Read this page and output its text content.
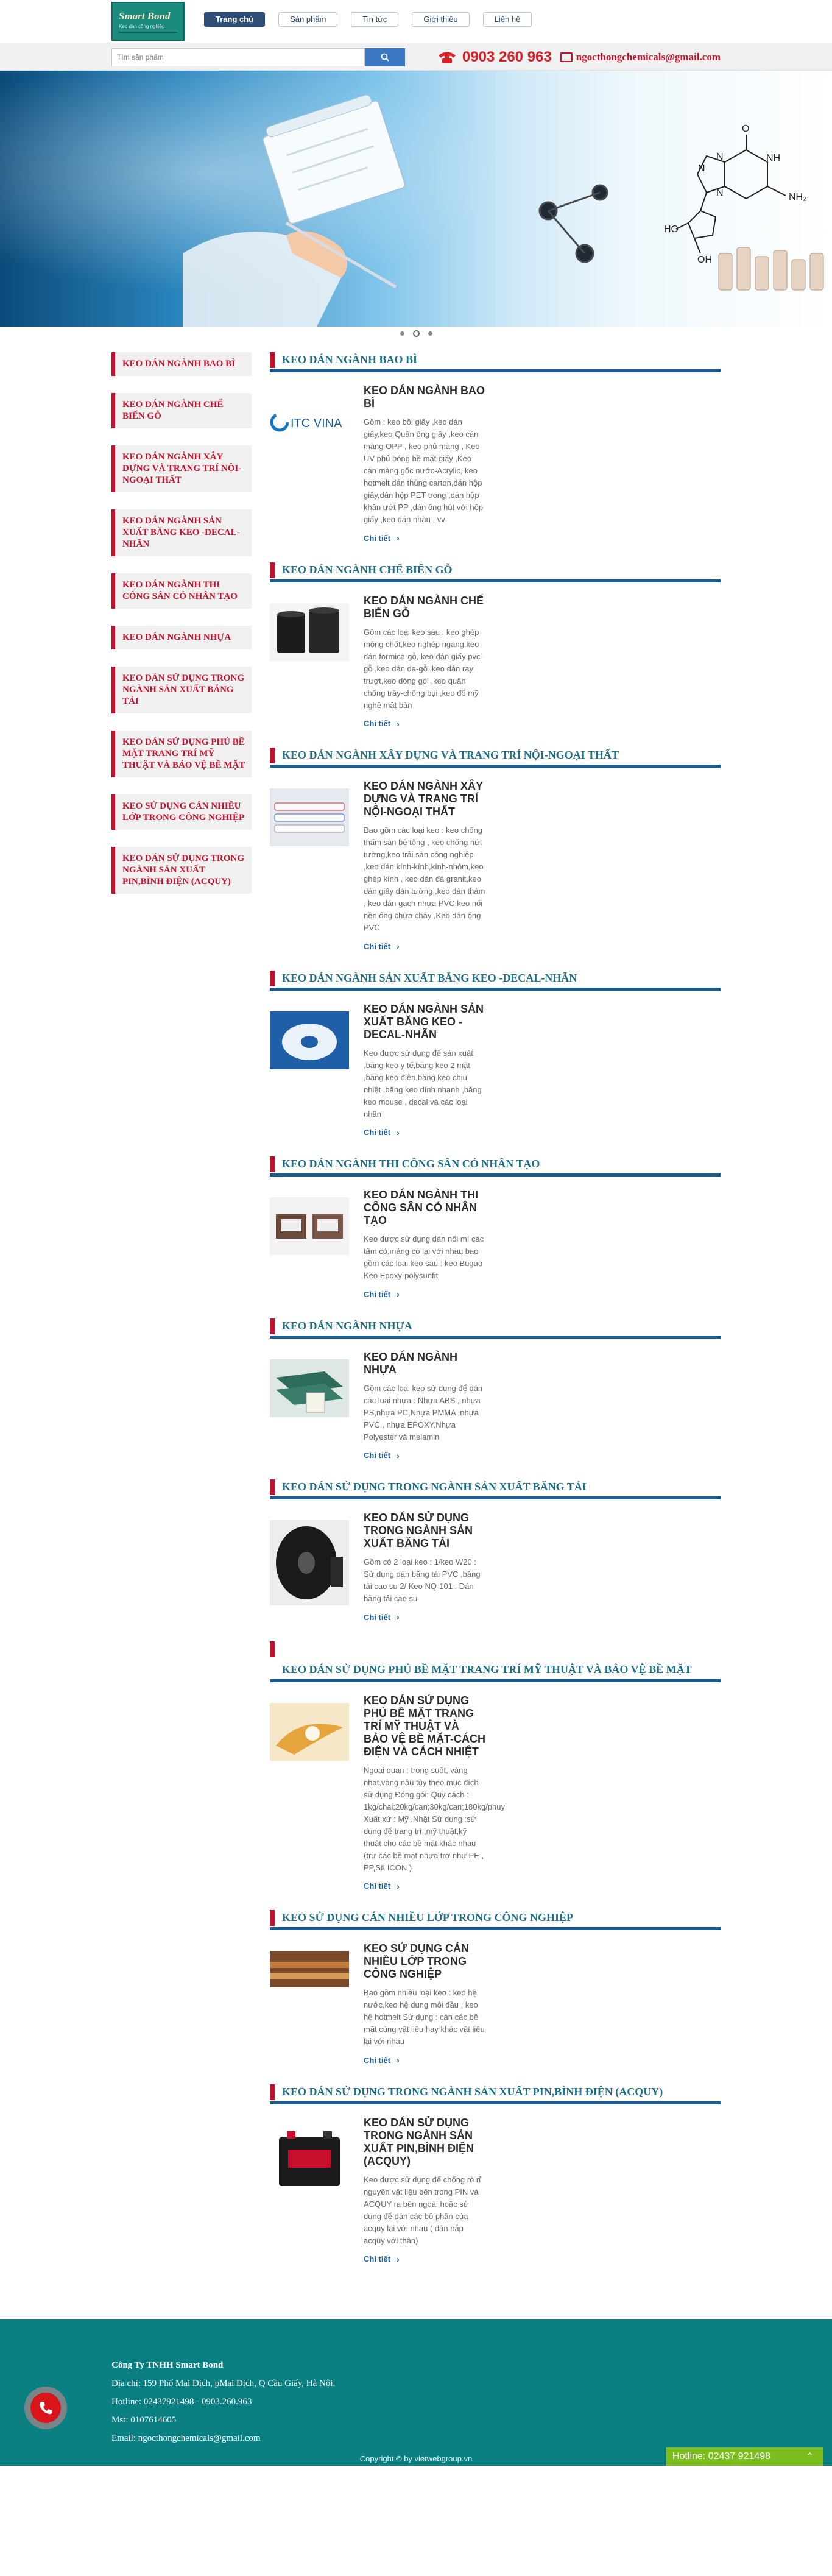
Smart Bond
Keo dán công nghiệp
Trang chủ	Sản phẩm	Tin tức	Giới thiệu	Liên hệ
Tìm sản phẩm
0903 260 963 ngocthongchemicals@gmail.com
O
NH
NH₂
N
N
N
HO
OH
KEO DÁN NGÀNH BAO BÌ
KEO DÁN NGÀNH CHẾ BIẾN GỖ
KEO DÁN NGÀNH XÂY DỰNG VÀ TRANG TRÍ NỘI-NGOẠI THẤT
KEO DÁN NGÀNH SẢN XUẤT BĂNG KEO -DECAL-NHÃN
KEO DÁN NGÀNH THI CÔNG SÂN CỎ NHÂN TẠO
KEO DÁN NGÀNH NHỰA
KEO DÁN SỬ DỤNG TRONG NGÀNH SẢN XUẤT BĂNG TẢI
KEO DÁN SỬ DỤNG PHỦ BỀ MẶT TRANG TRÍ MỸ THUẬT VÀ BẢO VỆ BỀ MẶT
KEO SỬ DỤNG CÁN NHIỀU LỚP TRONG CÔNG NGHIỆP
KEO DÁN SỬ DỤNG TRONG NGÀNH SẢN XUẤT PIN,BÌNH ĐIỆN (ACQUY)
KEO DÁN NGÀNH BAO BÌ
ITC VINA
KEO DÁN NGÀNH BAO BÌ
Gồm : keo bồi giấy ,keo dán giấy,keo Quấn ống giấy ,keo cán màng OPP , keo phủ màng , Keo UV phủ bóng bề mặt giấy ,Keo cán màng gốc nước-Acrylic, keo hotmelt dán thùng carton,dán hộp giấy,dán hộp PET trong ,dán hộp khăn ướt PP ,dán ống hút với hộp giấy ,keo dán nhãn , vv
Chi tiết ›
KEO DÁN NGÀNH CHẾ BIẾN GỖ
KEO DÁN NGÀNH CHẾ BIẾN GỖ
Gồm các loại keo sau : keo ghép mộng chốt,keo nghép ngang,keo dán formica-gỗ, keo dán giấy pvc-gỗ ,keo dán da-gỗ ,keo dán ray trượt,keo dóng gói ,keo quấn chống trầy-chống bụi ,keo đổ mỹ nghệ mặt bàn
Chi tiết ›
KEO DÁN NGÀNH XÂY DỰNG VÀ TRANG TRÍ NỘI-NGOẠI THẤT
KEO DÁN NGÀNH XÂY DỰNG VÀ TRANG TRÍ NỘI-NGOẠI THẤT
Bao gồm các loại keo : keo chống thấm sàn bê tông , keo chống nứt tường,keo trải sàn công nghiệp ,keo dán kính-kính,kính-nhôm,keo ghép kính , keo dán đá granit,keo dán giấy dán tường ,keo dán thảm , keo dán gạch nhựa PVC,keo nối nền ống chữa cháy ,Keo dán ống PVC
Chi tiết ›
KEO DÁN NGÀNH SẢN XUẤT BĂNG KEO -DECAL-NHÃN
KEO DÁN NGÀNH SẢN XUẤT BĂNG KEO -DECAL-NHÃN
Keo được sử dụng để sản xuất ,băng keo y tế,băng keo 2 mặt ,băng keo điện,băng keo chịu nhiệt ,băng keo dính nhanh ,băng keo mouse , decal và các loại nhãn
Chi tiết ›
KEO DÁN NGÀNH THI CÔNG SÂN CỎ NHÂN TẠO
KEO DÁN NGÀNH THI CÔNG SÂN CỎ NHÂN TẠO
Keo được sử dụng dán nối mí các tấm cỏ,mảng cỏ lại với nhau bao gồm các loại keo sau : keo Bugao Keo Epoxy-polysunfit
Chi tiết ›
KEO DÁN NGÀNH NHỰA
KEO DÁN NGÀNH NHỰA
Gồm các loại keo sử dụng để dán các loại nhựa : Nhựa ABS , nhựa PS,nhựa PC,Nhựa PMMA ,nhựa PVC , nhựa EPOXY,Nhựa Polyester và melamin
Chi tiết ›
KEO DÁN SỬ DỤNG TRONG NGÀNH SẢN XUẤT BĂNG TẢI
KEO DÁN SỬ DỤNG TRONG NGÀNH SẢN XUẤT BĂNG TẢI
Gồm có 2 loại keo : 1/keo W20 : Sử dụng dán băng tải PVC ,băng tải cao su 2/ Keo NQ-101 : Dán băng tải cao su
Chi tiết ›
KEO DÁN SỬ DỤNG PHỦ BỀ MẶT TRANG TRÍ MỸ THUẬT VÀ BẢO VỆ BỀ MẶT
KEO DÁN SỬ DỤNG PHỦ BỀ MẶT TRANG TRÍ MỸ THUẬT VÀ BẢO VỆ BỀ MẶT-CÁCH ĐIỆN VÀ CÁCH NHIỆT
Ngoại quan : trong suốt, vàng nhạt,vàng nâu tùy theo mục đích sử dụng Đóng gói: Quy cách : 1kg/chai;20kg/can;30kg/can;180kg/phuy Xuất xứ : Mỹ ,Nhật Sử dụng :sử dụng để trang trí ,mỹ thuật,kỹ thuật cho các bề mặt khác nhau (trừ các bề mặt nhựa trơ như PE , PP,SILICON )
Chi tiết ›
KEO SỬ DỤNG CÁN NHIỀU LỚP TRONG CÔNG NGHIỆP
KEO SỬ DỤNG CÁN NHIỀU LỚP TRONG CÔNG NGHIỆP
Bao gồm nhiều loại keo : keo hệ nước,keo hệ dung môi đầu , keo hệ hotmelt Sử dụng : cán các bề mặt cùng vật liệu hay khác vật liệu lại với nhau
Chi tiết ›
KEO DÁN SỬ DỤNG TRONG NGÀNH SẢN XUẤT PIN,BÌNH ĐIỆN (ACQUY)
KEO DÁN SỬ DỤNG TRONG NGÀNH SẢN XUẤT PIN,BÌNH ĐIỆN (ACQUY)
Keo được sử dụng để chống rò rỉ nguyên vật liệu bên trong PIN và ACQUY ra bên ngoài hoặc sử dụng để dán các bộ phận của acquy lại với nhau ( dán nắp acquy với thân)
Chi tiết ›
Công Ty TNHH Smart Bond
Địa chỉ: 159 Phố Mai Dịch, pMai Dịch, Q Cầu Giấy, Hà Nội.
Hotline: 02437921498 - 0903.260.963
Mst: 0107614605
Email: ngocthongchemicals@gmail.com
Copyright © by vietwebgroup.vn	Hotline: 02437 921498	⌃
